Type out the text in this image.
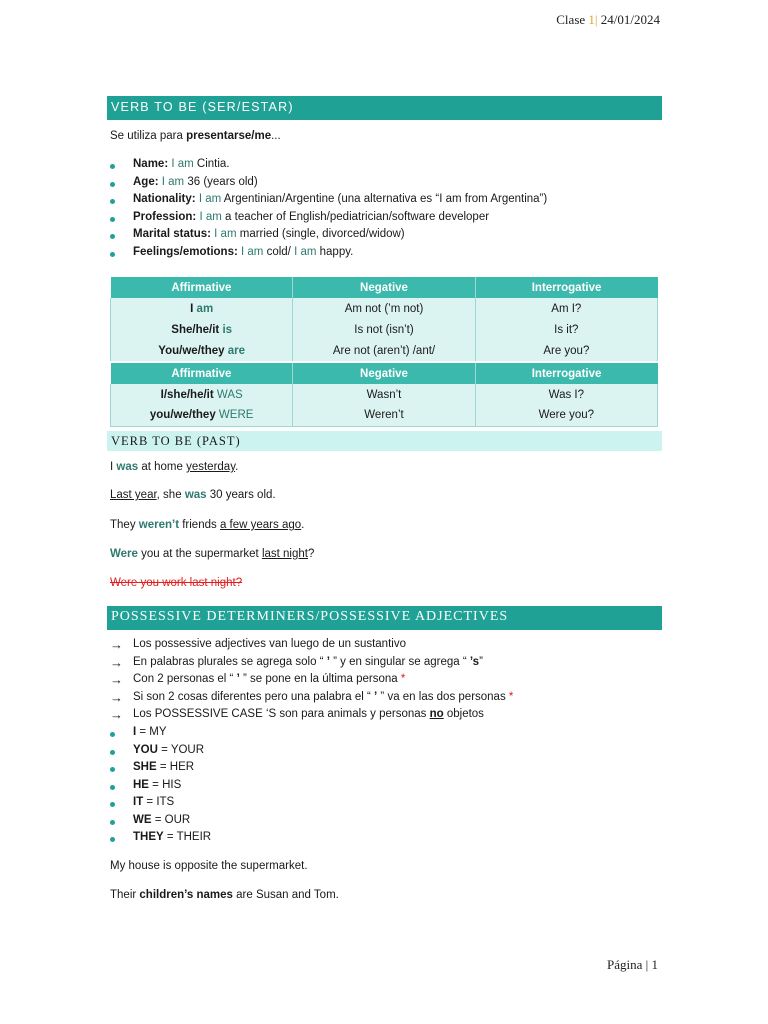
Clase 1| 24/01/2024
VERB TO BE (SER/ESTAR)
Se utiliza para presentarse/me...
Name: I am Cintia.
Age: I am 36 (years old)
Nationality: I am Argentinian/Argentine (una alternativa es “I am from Argentina”)
Profession: I am a teacher of English/pediatrician/software developer
Marital status: I am married (single, divorced/widow)
Feelings/emotions: I am cold/ I am happy.
Affirmative	Negative	Interrogative
I am	Am not (’m not)	Am I?
She/he/it is	Is not (isn’t)	Is it?
You/we/they are	Are not (aren’t) /ant/	Are you?
Affirmative	Negative	Interrogative
I/she/he/it WAS	Wasn’t	Was I?
you/we/they WERE	Weren’t	Were you?
VERB TO BE (PAST)
I was at home yesterday.
Last year, she was 30 years old.
They weren’t friends a few years ago.
Were you at the supermarket last night?
Were you work last night?
POSSESSIVE DETERMINERS/POSSESSIVE ADJECTIVES
→ Los possessive adjectives van luego de un sustantivo
→ En palabras plurales se agrega solo “ ’ ” y en singular se agrega “ ’s”
→ Con 2 personas el “ ’ ” se pone en la última persona *
→ Si son 2 cosas diferentes pero una palabra el “ ’ ” va en las dos personas *
→ Los POSSESSIVE CASE ‘S son para animals y personas no objetos
I = MY
YOU = YOUR
SHE = HER
HE = HIS
IT = ITS
WE = OUR
THEY = THEIR
My house is opposite the supermarket.
Their children’s names are Susan and Tom.
Página | 1
